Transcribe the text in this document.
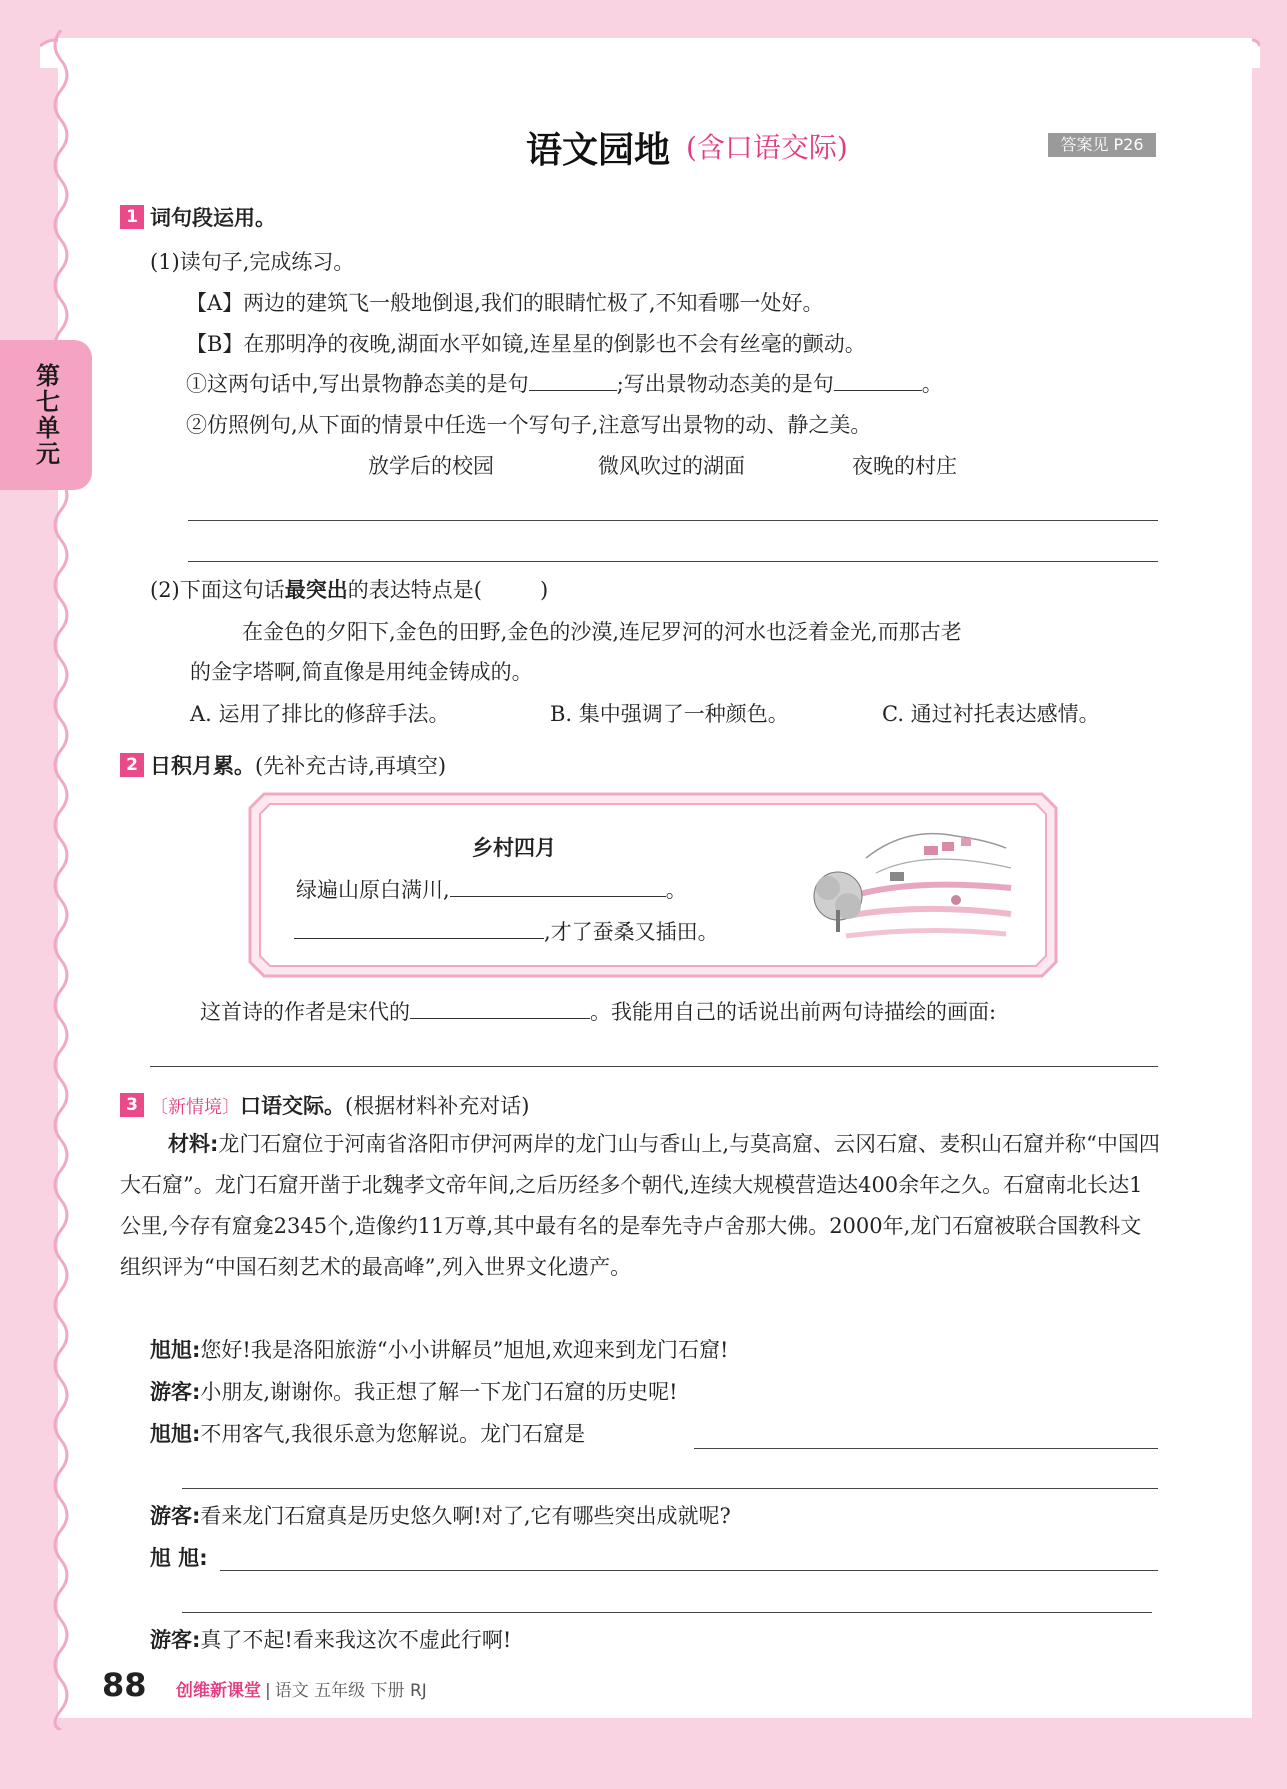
第七单元
语文园地 (含口语交际)	答案见 P26
1 词句段运用。
(1)读句子,完成练习。
【A】两边的建筑飞一般地倒退,我们的眼睛忙极了,不知看哪一处好。
【B】在那明净的夜晚,湖面水平如镜,连星星的倒影也不会有丝毫的颤动。
①这两句话中,写出景物静态美的是句	;写出景物动态美的是句	。
②仿照例句,从下面的情景中任选一个写句子,注意写出景物的动、静之美。
放学后的校园	微风吹过的湖面	夜晚的村庄
(2)下面这句话最突出的表达特点是(	)
在金色的夕阳下,金色的田野,金色的沙漠,连尼罗河的河水也泛着金光,而那古老
的金字塔啊,简直像是用纯金铸成的。
A. 运用了排比的修辞手法。	B. 集中强调了一种颜色。	C. 通过衬托表达感情。
2 日积月累。(先补充古诗,再填空)
乡村四月
绿遍山原白满川,	。
,才了蚕桑又插田。
这首诗的作者是宋代的	。我能用自己的话说出前两句诗描绘的画面:
3 〔新情境〕口语交际。(根据材料补充对话)
材料:龙门石窟位于河南省洛阳市伊河两岸的龙门山与香山上,与莫高窟、云冈石窟、麦积山石窟并称“中国四大石窟”。龙门石窟开凿于北魏孝文帝年间,之后历经多个朝代,连续大规模营造达400余年之久。石窟南北长达1公里,今存有窟龛2345个,造像约11万尊,其中最有名的是奉先寺卢舍那大佛。2000年,龙门石窟被联合国教科文组织评为“中国石刻艺术的最高峰”,列入世界文化遗产。
旭旭:您好!我是洛阳旅游“小小讲解员”旭旭,欢迎来到龙门石窟!
游客:小朋友,谢谢你。我正想了解一下龙门石窟的历史呢!
旭旭:不用客气,我很乐意为您解说。龙门石窟是
游客:看来龙门石窟真是历史悠久啊!对了,它有哪些突出成就呢?
旭 旭:
游客:真了不起!看来我这次不虚此行啊!
88 创维新课堂 | 语文 五年级 下册 RJ
